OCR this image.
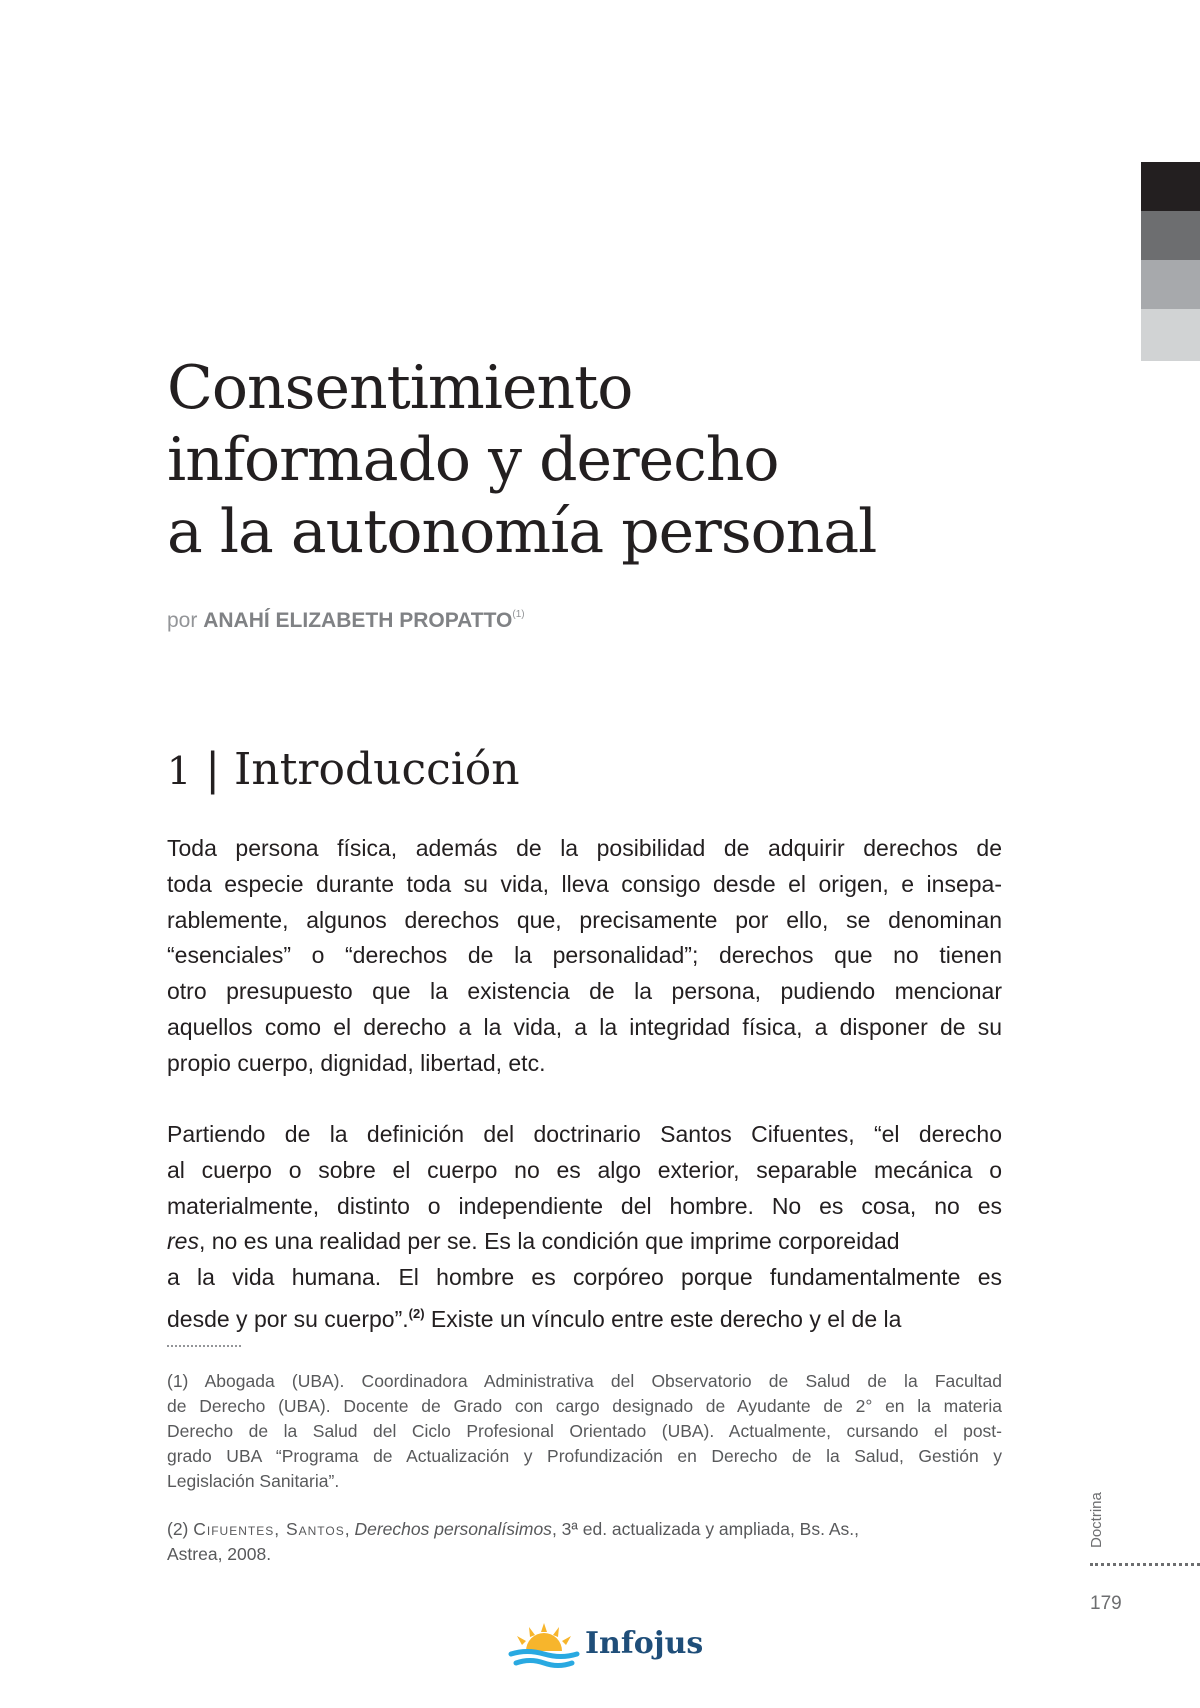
Consentimiento
informado y derecho
a la autonomía personal
por ANAHÍ ELIZABETH PROPATTO$^{(1)}$
1 | Introducción

Toda persona física, además de la posibilidad de adquirir derechos de
toda especie durante toda su vida, lleva consigo desde el origen, e insepa-
rablemente, algunos derechos que, precisamente por ello, se denominan
“esenciales” o “derechos de la personalidad”; derechos que no tienen
otro presupuesto que la existencia de la persona, pudiendo mencionar
aquellos como el derecho a la vida, a la integridad física, a disponer de su
propio cuerpo, dignidad, libertad, etc.

Partiendo de la definición del doctrinario Santos Cifuentes, “el derecho
al cuerpo o sobre el cuerpo no es algo exterior, separable mecánica o
materialmente, distinto o independiente del hombre. No es cosa, no es
res, no es una realidad per se. Es la condición que imprime corporeidad
a la vida humana. El hombre es corpóreo porque fundamentalmente es
desde y por su cuerpo”.$^{(2)}$ Existe un vínculo entre este derecho y el de la

(1) Abogada (UBA). Coordinadora Administrativa del Observatorio de Salud de la Facultad
de Derecho (UBA). Docente de Grado con cargo designado de Ayudante de 2° en la materia
Derecho de la Salud del Ciclo Profesional Orientado (UBA). Actualmente, cursando el post-
grado UBA “Programa de Actualización y Profundización en Derecho de la Salud, Gestión y
Legislación Sanitaria”.

(2) Cifuentes, Santos, Derechos personalísimos, 3ª ed. actualizada y ampliada, Bs. As.,
Astrea, 2008.

Doctrina
179
Infojus
